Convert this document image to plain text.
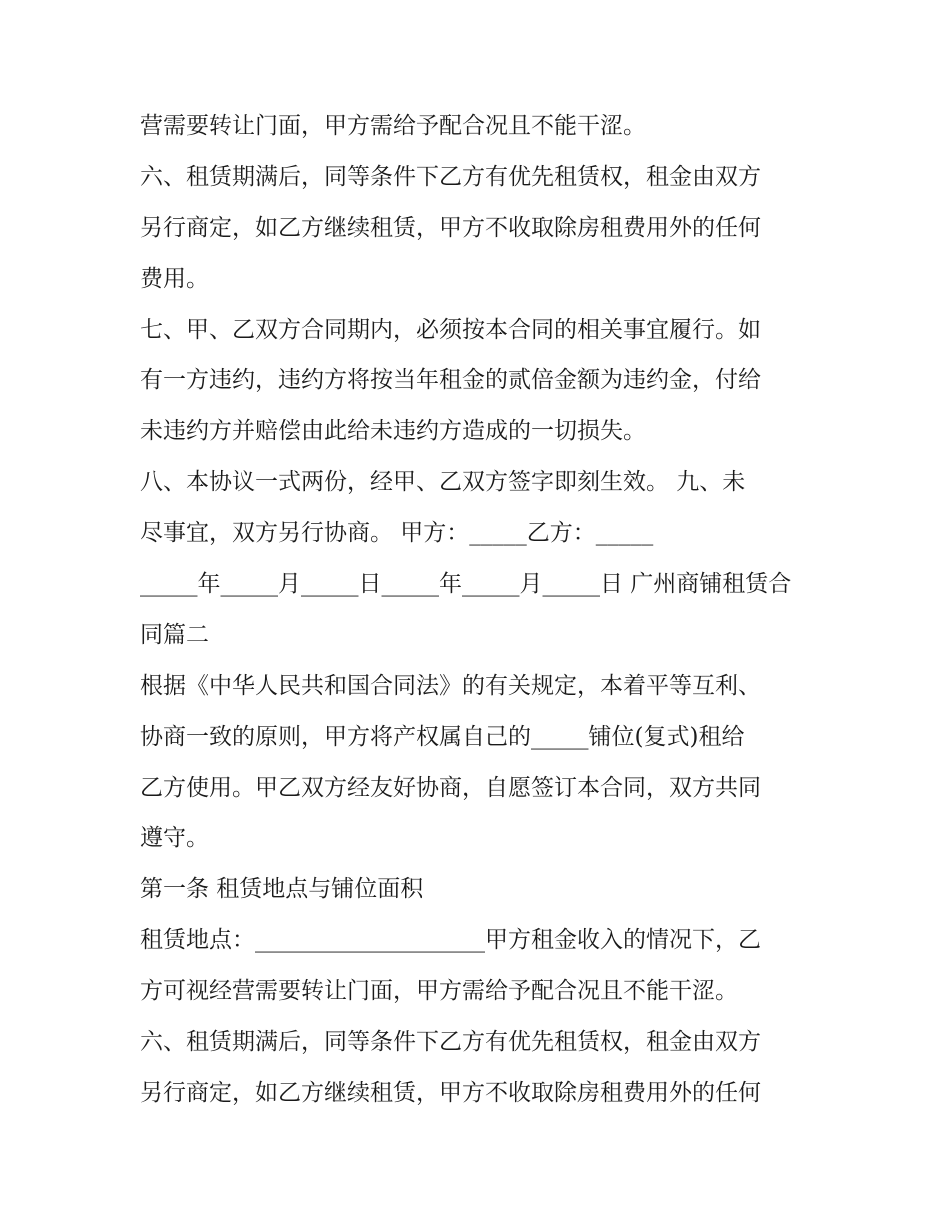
营需要转让门面，甲方需给予配合况且不能干涩。
六、租赁期满后，同等条件下乙方有优先租赁权，租金由双方
另行商定，如乙方继续租赁，甲方不收取除房租费用外的任何
费用。
七、甲、乙双方合同期内，必须按本合同的相关事宜履行。如
有一方违约，违约方将按当年租金的贰倍金额为违约金，付给
未违约方并赔偿由此给未违约方造成的一切损失。
八、本协议一式两份，经甲、乙双方签字即刻生效。 九、未
尽事宜，双方另行协商。 甲方：_____乙方：_____
_____年_____月_____日_____年_____月_____日 广州商铺租赁合
同篇二
根据《中华人民共和国合同法》的有关规定，本着平等互利、
协商一致的原则，甲方将产权属自己的_____铺位(复式)租给
乙方使用。甲乙双方经友好协商，自愿签订本合同，双方共同
遵守。
第一条 租赁地点与铺位面积
租赁地点：____________________甲方租金收入的情况下，乙
方可视经营需要转让门面，甲方需给予配合况且不能干涩。
六、租赁期满后，同等条件下乙方有优先租赁权，租金由双方
另行商定，如乙方继续租赁，甲方不收取除房租费用外的任何
